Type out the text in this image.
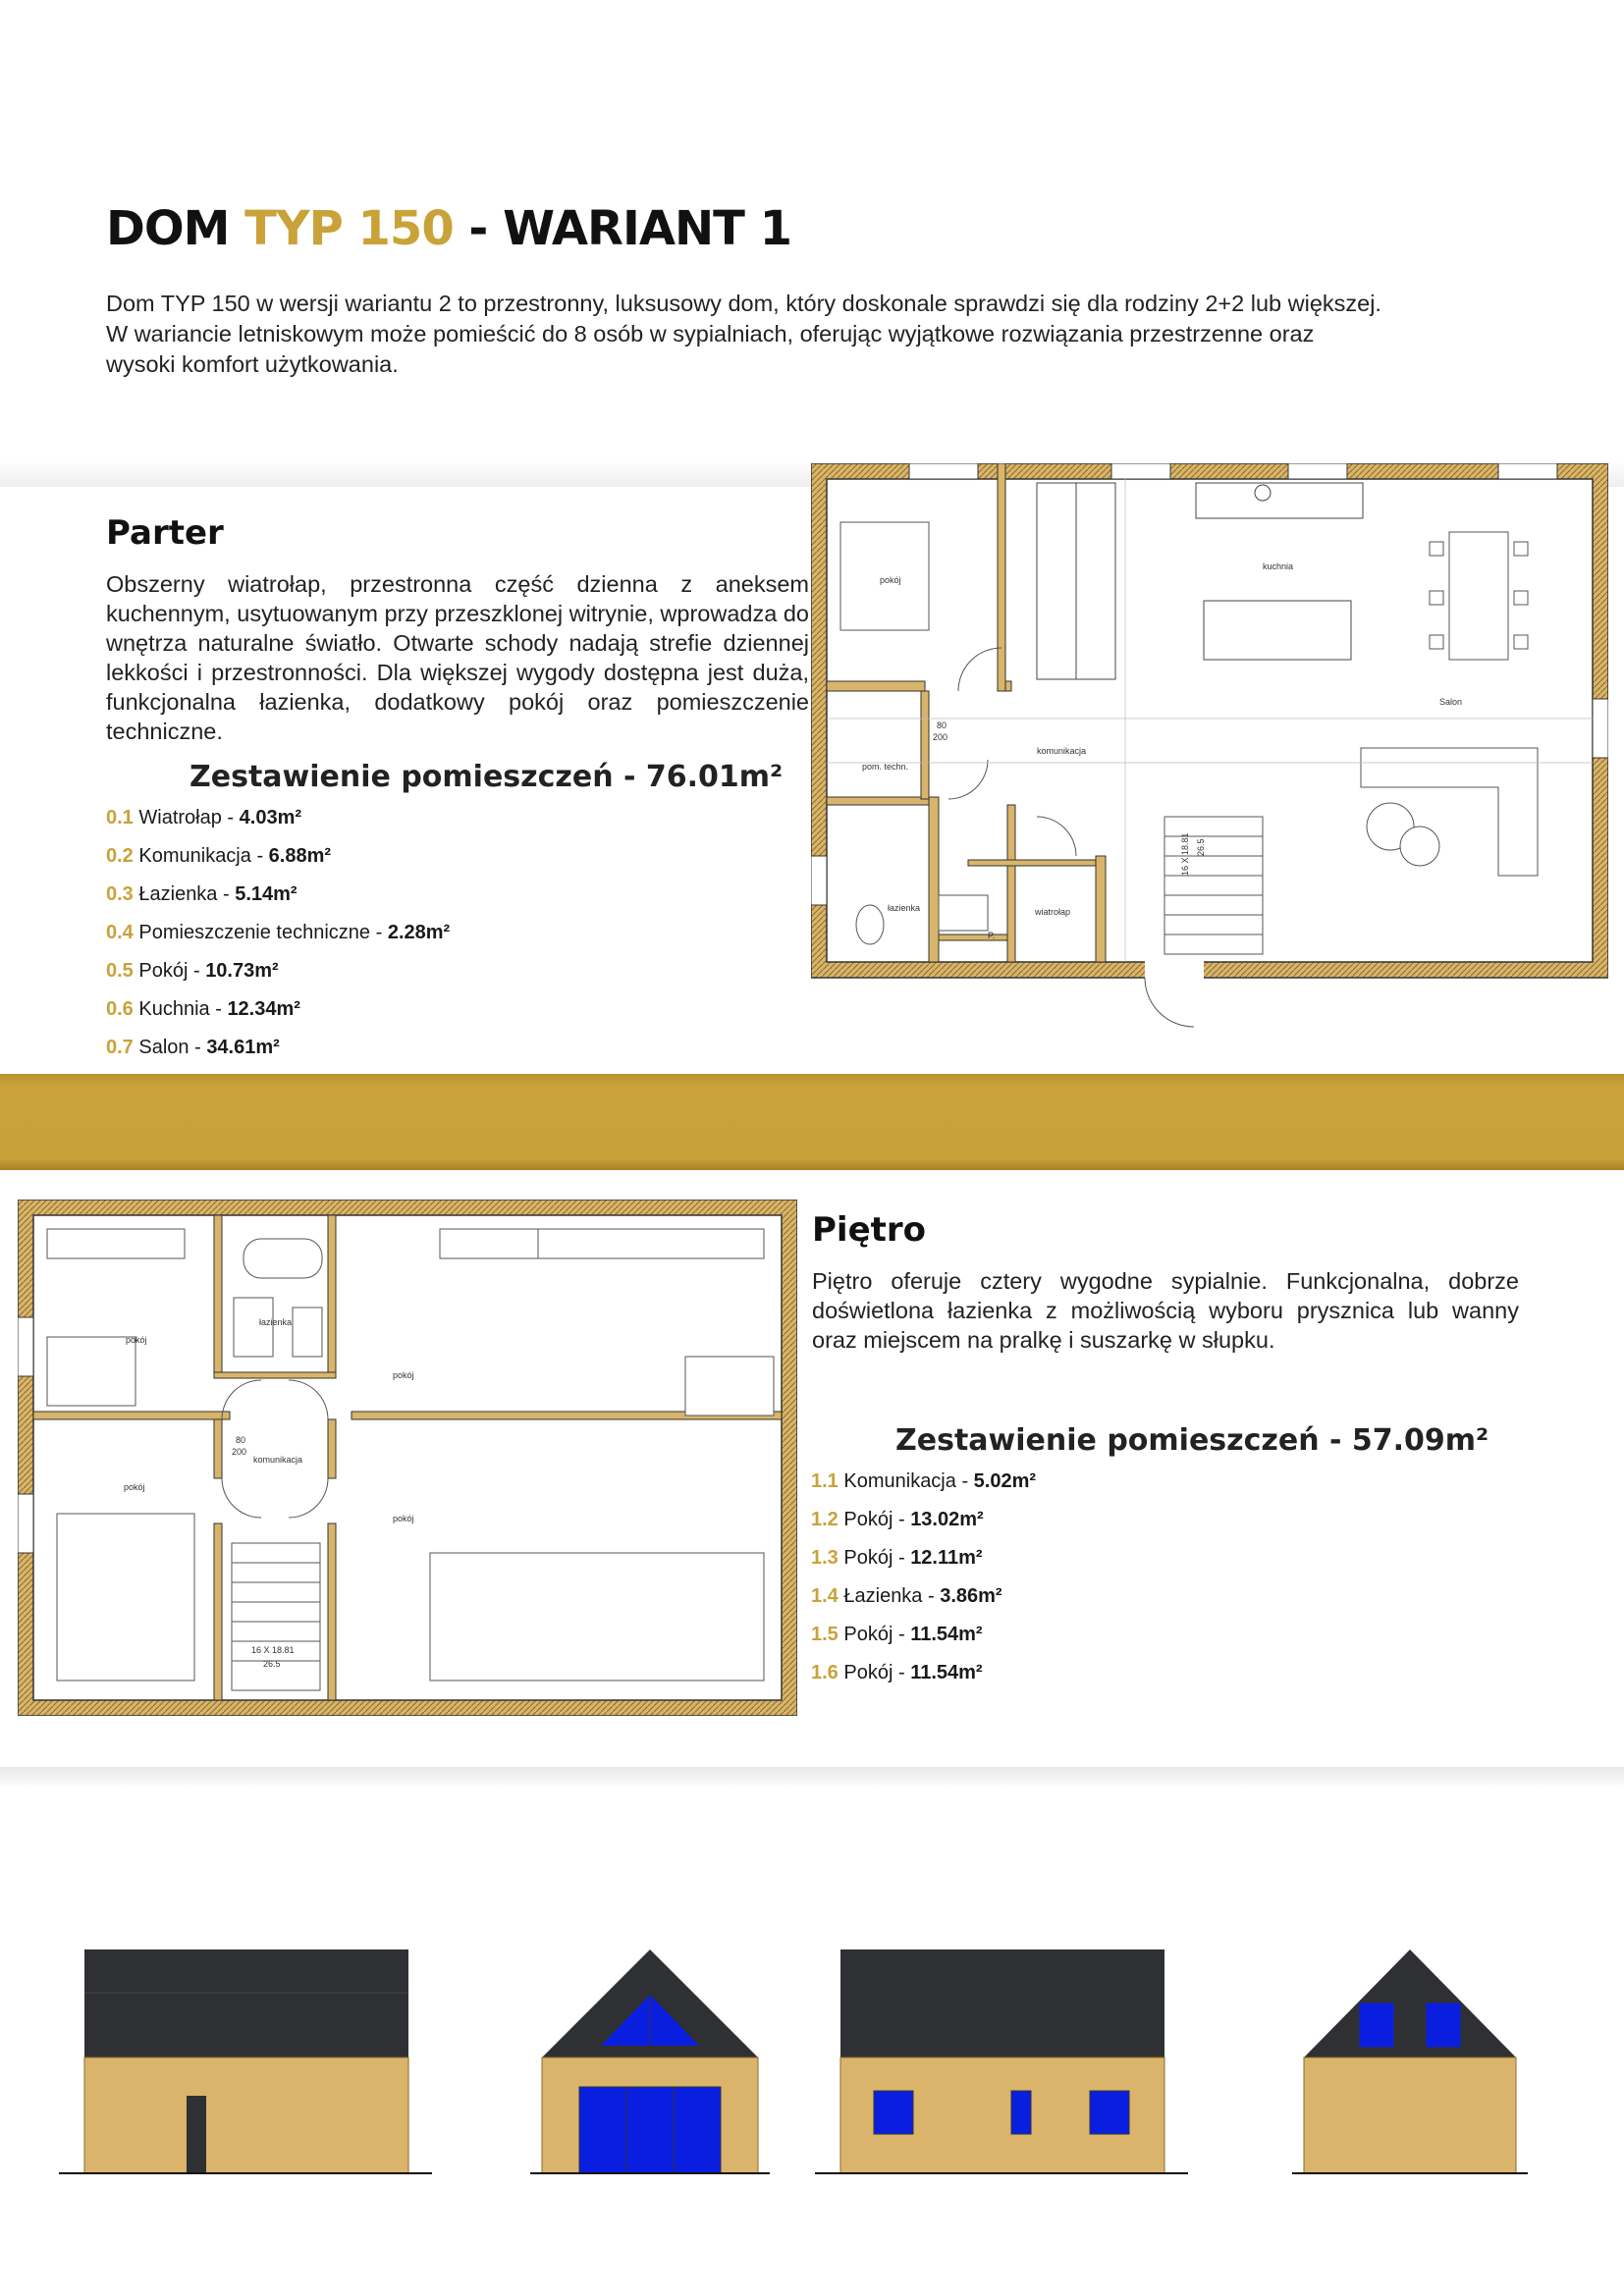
DOM TYP 150 - WARIANT 1
Dom TYP 150 w wersji wariantu 2 to przestronny, luksusowy dom, który doskonale sprawdzi się dla rodziny 2+2 lub większej. W wariancie letniskowym może pomieścić do 8 osób w sypialniach, oferując wyjątkowe rozwiązania przestrzenne oraz wysoki komfort użytkowania.
Parter
Obszerny wiatrołap, przestronna część dzienna z aneksem kuchennym, usytuowanym przy przeszklonej witrynie, wprowadza do wnętrza naturalne światło. Otwarte schody nadają strefie dziennej lekkości i przestronności. Dla większej wygody dostępna jest duża, funkcjonalna łazienka, dodatkowy pokój oraz pomieszczenie techniczne.
Zestawienie pomieszczeń - 76.01m²
0.1 Wiatrołap - 4.03m²
0.2 Komunikacja - 6.88m²
0.3 Łazienka - 5.14m²
0.4 Pomieszczenie techniczne - 2.28m²
0.5 Pokój - 10.73m²
0.6 Kuchnia - 12.34m²
0.7 Salon - 34.61m²
pokój
kuchnia
Salon
komunikacja
łazienka
pom. techn.
wiatrołap
P.
80
200
16 X 18.81 26.5
pokój
pokój
pokój
pokój
łazienka
komunikacja
80
200
16 X 18.81
26.5
Piętro
Piętro oferuje cztery wygodne sypialnie. Funkcjonalna, dobrze doświetlona łazienka z możliwością wyboru prysznica lub wanny oraz miejscem na pralkę i suszarkę w słupku.
Zestawienie pomieszczeń - 57.09m²
1.1 Komunikacja - 5.02m²
1.2 Pokój - 13.02m²
1.3 Pokój - 12.11m²
1.4 Łazienka - 3.86m²
1.5 Pokój - 11.54m²
1.6 Pokój - 11.54m²
